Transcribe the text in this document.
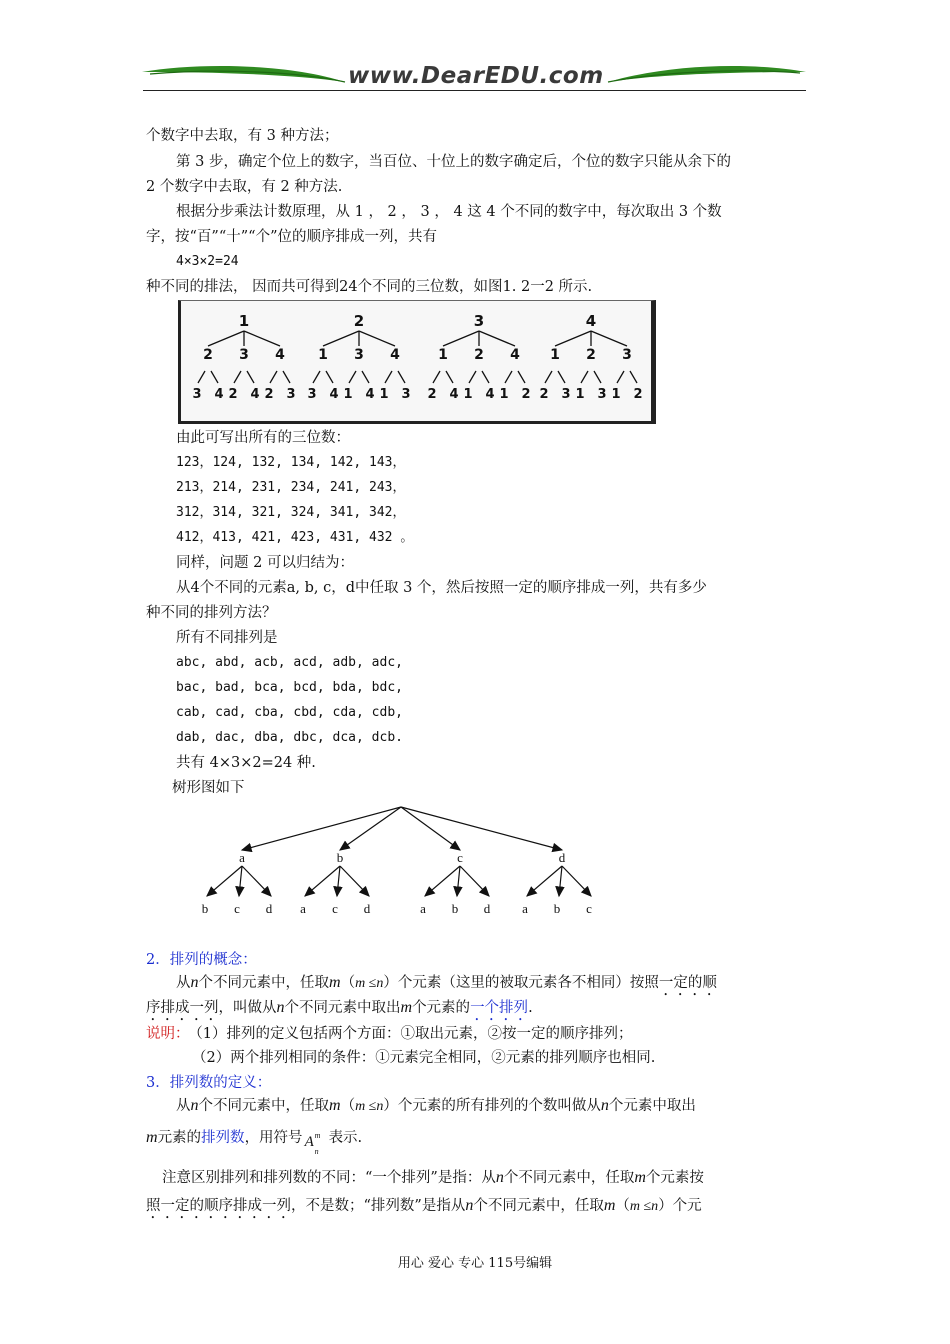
www.DearEDU.com
个数字中去取，有 3 种方法；
第 3 步，确定个位上的数字，当百位、十位上的数字确定后，个位的数字只能从余下的
2 个数字中去取，有 2 种方法.
根据分步乘法计数原理，从 1 ， 2 ， 3 ， 4 这 4 个不同的数字中，每次取出 3 个数
字，按“百”“十”“个”位的顺序排成一列，共有
4×3×2=24
种不同的排法， 因而共可得到24个不同的三位数，如图1. 2一2 所示.
1
2
3 4
3
2 4
4
2 3
2
1
3 4
3
1 4
4
1 3
3
1
2 4
2
1 4
4
1 2
4
1
2 3
2
1 3
3
1 2
由此可写出所有的三位数：
123，124, 132, 134, 142, 143，
213，214, 231, 234, 241, 243，
312，314, 321, 324, 341, 342，
412，413, 421, 423, 431, 432 。
同样，问题 2 可以归结为：
从4个不同的元素a, b, c，d中任取 3 个，然后按照一定的顺序排成一列，共有多少
种不同的排列方法？
所有不同排列是
abc, abd, acb, acd, adb, adc,
bac, bad, bca, bcd, bda, bdc,
cab, cad, cba, cbd, cda, cdb,
dab, dac, dba, dbc, dca, dcb.
共有 4×3×2=24 种.
树形图如下
a
b c d
b
a c d
c
a b d
d
a b c
2．排列的概念：
从n个不同元素中，任取m（m ≤n）个元素（这里的被取元素各不相同）按照一定的顺
序排成一列，叫做从n个不同元素中取出m个元素的一个排列.
说明： （1）排列的定义包括两个方面：①取出元素，②按一定的顺序排列；
（2）两个排列相同的条件：①元素完全相同，②元素的排列顺序也相同.
3．排列数的定义：
从n个不同元素中，任取m（m ≤n）个元素的所有排列的个数叫做从n个元素中取出
m元素的排列数，用符号 A m
n
表示.
注意区别排列和排列数的不同：“一个排列”是指：从n个不同元素中，任取m个元素按
照一定的顺序排成一列，不是数；“排列数”是指从n个不同元素中，任取m（m ≤n）个元
用心 爱心 专心 115号编辑
